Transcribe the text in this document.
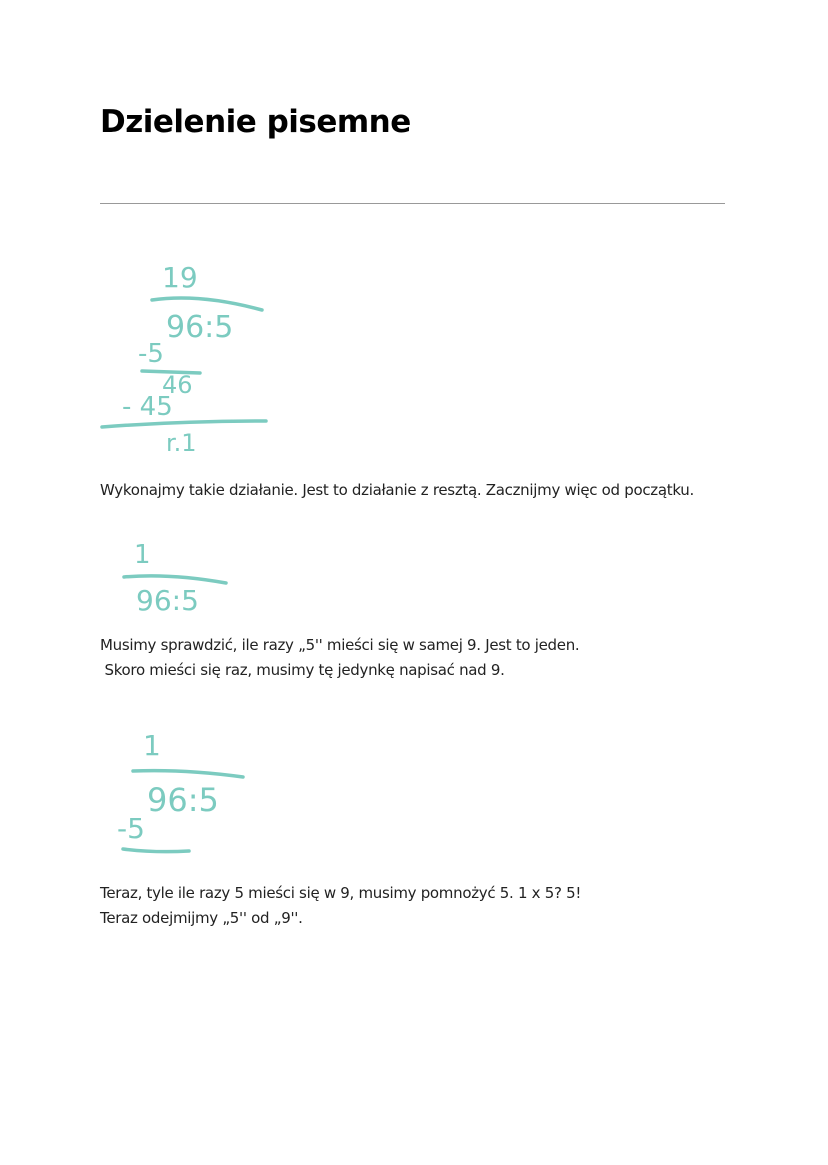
Dzielenie pisemne
19
96:5
-5
46
- 45
r.1
Wykonajmy takie działanie. Jest to działanie z resztą. Zacznijmy więc od początku.
1
96:5
Musimy sprawdzić, ile razy „5'' mieści się w samej 9. Jest to jeden.
Skoro mieści się raz, musimy tę jedynkę napisać nad 9.
1
96:5
-5
Teraz, tyle ile razy 5 mieści się w 9, musimy pomnożyć 5. 1 x 5? 5!
Teraz odejmijmy „5'' od „9''.
